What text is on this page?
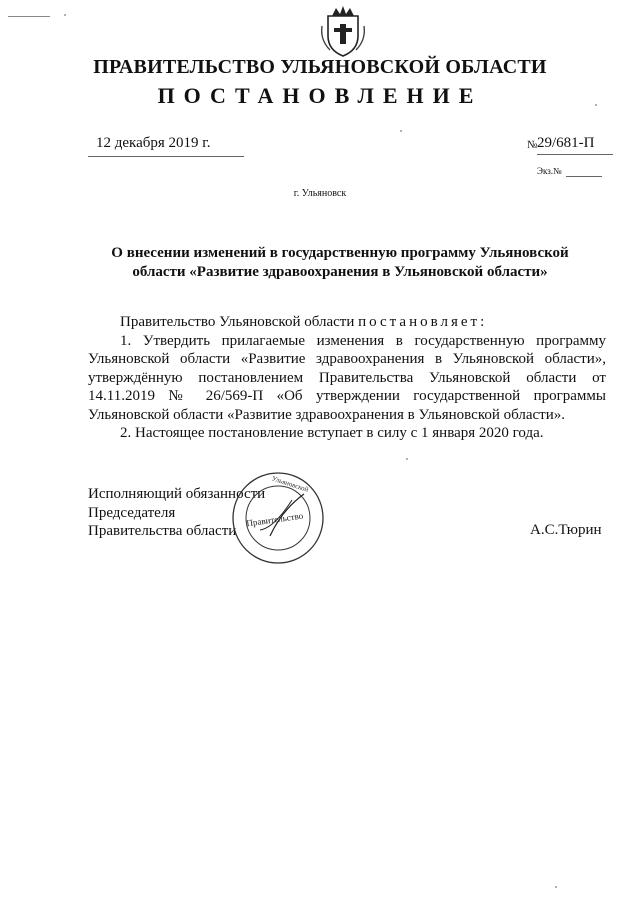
ПРАВИТЕЛЬСТВО УЛЬЯНОВСКОЙ ОБЛАСТИ
ПОСТАНОВЛЕНИЕ
12 декабря 2019 г.	№ 29/681-П
Экз.№
г. Ульяновск
О внесении изменений в государственную программу Ульяновской
области «Развитие здравоохранения в Ульяновской области»

Правительство Ульяновской области постановляет:

1. Утвердить прилагаемые изменения в государственную программу Ульяновской области «Развитие здравоохранения в Ульяновской области», утверждённую постановлением Правительства Ульяновской области от 14.11.2019 № 26/569-П «Об утверждении государственной программы Ульяновской области «Развитие здравоохранения в Ульяновской области».

2. Настоящее постановление вступает в силу с 1 января 2020 года.

Исполняющий обязанности
Председателя
Правительства области	А.С.Тюрин
Правительство
Ульяновской
